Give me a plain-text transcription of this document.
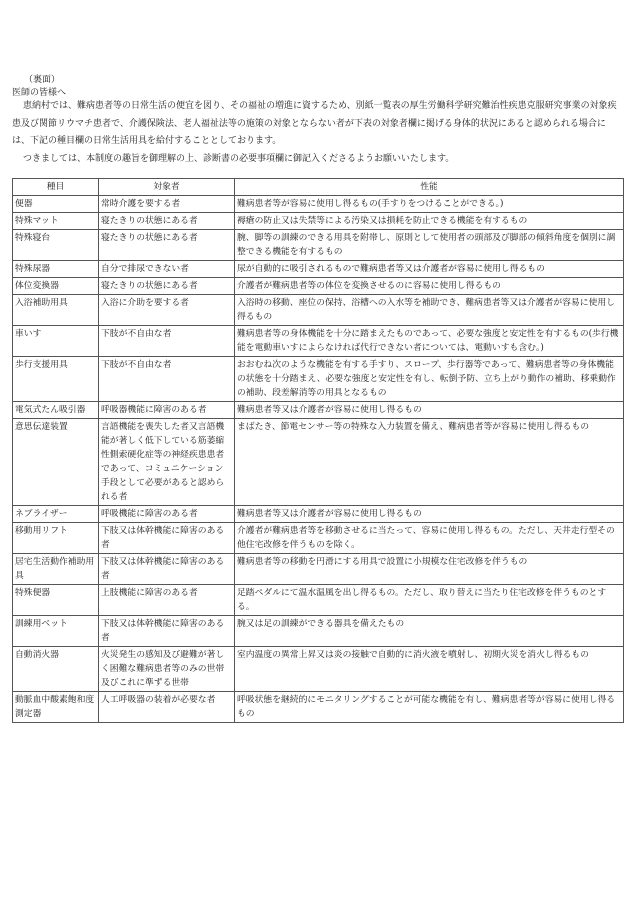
（裏面）
医師の皆様へ

恵納村では、難病患者等の日常生活の便宜を図り、その福祉の増進に資するため、別紙一覧表の厚生労働科学研究難治性疾患克服研究事業の対象疾患及び関節リウマチ患者で、介護保険法、老人福祉法等の施策の対象とならない者が下表の対象者欄に掲げる身体的状況にあると認められる場合には、下記の種目欄の日常生活用具を給付することとしております。

つきましては、本制度の趣旨を御理解の上、診断書の必要事項欄に御記入くださるようお願いいたします。

種目	対象者	性能
便器	常時介護を要する者	難病患者等が容易に使用し得るもの(手すりをつけることができる。)
特殊マット	寝たきりの状態にある者	褥瘡の防止又は失禁等による汚染又は損耗を防止できる機能を有するもの
特殊寝台	寝たきりの状態にある者	腕、脚等の訓練のできる用具を附帯し、原則として使用者の頭部及び脚部の傾斜角度を個別に調整できる機能を有するもの
特殊尿器	自分で排尿できない者	尿が自動的に吸引されるもので難病患者等又は介護者が容易に使用し得るもの
体位変換器	寝たきりの状態にある者	介護者が難病患者等の体位を変換させるのに容易に使用し得るもの
入浴補助用具	入浴に介助を要する者	入浴時の移動、座位の保持、浴槽への入水等を補助でき、難病患者等又は介護者が容易に使用し得るもの
車いす	下肢が不自由な者	難病患者等の身体機能を十分に踏まえたものであって、必要な強度と安定性を有するもの(歩行機能を電動車いすによらなければ代行できない者については、電動いすも含む。)
歩行支援用具	下肢が不自由な者	おおむね次のような機能を有する手すり、スロープ、歩行器等であって、難病患者等の身体機能の状態を十分踏まえ、必要な強度と安定性を有し、転倒予防、立ち上がり動作の補助、移乗動作の補助、段差解消等の用具となるもの
電気式たん吸引器	呼吸器機能に障害のある者	難病患者等又は介護者が容易に使用し得るもの
意思伝達装置	言語機能を喪失した者又言語機能が著しく低下している筋萎縮性側索硬化症等の神経疾患患者であって、コミュニケーション手段として必要があると認められる者	まばたき、節電センサー等の特殊な入力装置を備え、難病患者等が容易に使用し得るもの
ネブライザー	呼吸機能に障害のある者	難病患者等又は介護者が容易に使用し得るもの
移動用リフト	下肢又は体幹機能に障害のある者	介護者が難病患者等を移動させるに当たって、容易に使用し得るもの。ただし、天井走行型その他住宅改修を伴うものを除く。
居宅生活動作補助用具	下肢又は体幹機能に障害のある者	難病患者等の移動を円滑にする用具で設置に小規模な住宅改修を伴うもの
特殊便器	上肢機能に障害のある者	足踏ペダルにて温水温風を出し得るもの。ただし、取り替えに当たり住宅改修を伴うものとする。
訓練用ベット	下肢又は体幹機能に障害のある者	腕又は足の訓練ができる器具を備えたもの
自動消火器	火災発生の感知及び避難が著しく困難な難病患者等のみの世帯及びこれに準ずる世帯	室内温度の異常上昇又は炎の接触で自動的に消火液を噴射し、初期火災を消火し得るもの
動脈血中酸素飽和度測定器	人工呼吸器の装着が必要な者	呼吸状態を継続的にモニタリングすることが可能な機能を有し、難病患者等が容易に使用し得るもの
